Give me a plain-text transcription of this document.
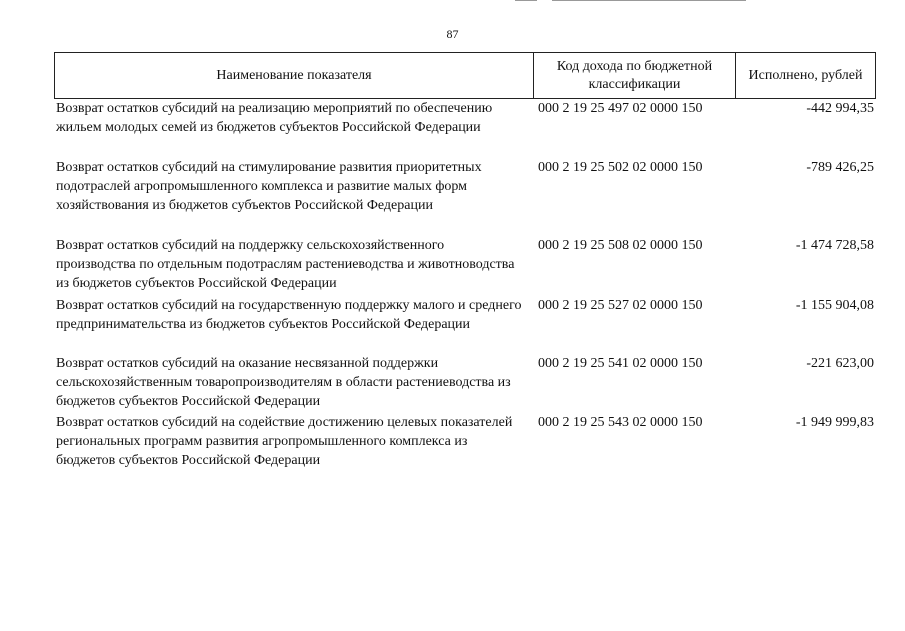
87
Наименование показателя
Код дохода по бюджетной классификации
Исполнено, рублей
Возврат остатков субсидий на реализацию мероприятий по обеспечению жильем молодых семей из бюджетов субъектов Российской Федерации
000 2 19 25 497 02 0000 150	-442 994,35
Возврат остатков субсидий на стимулирование развития приоритетных подотраслей агропромышленного комплекса и развитие малых форм хозяйствования из бюджетов субъектов Российской Федерации
000 2 19 25 502 02 0000 150	-789 426,25
Возврат остатков субсидий на поддержку сельскохозяйственного производства по отдельным подотраслям растениеводства и животноводства из бюджетов субъектов Российской Федерации
000 2 19 25 508 02 0000 150	-1 474 728,58
Возврат остатков субсидий на государственную поддержку малого и среднего предпринимательства из бюджетов субъектов Российской Федерации
000 2 19 25 527 02 0000 150	-1 155 904,08
Возврат остатков субсидий на оказание несвязанной поддержки сельскохозяйственным товаропроизводителям в области растениеводства из бюджетов субъектов Российской Федерации
000 2 19 25 541 02 0000 150	-221 623,00
Возврат остатков субсидий на содействие достижению целевых показателей региональных программ развития агропромышленного комплекса из бюджетов субъектов Российской Федерации
000 2 19 25 543 02 0000 150	-1 949 999,83
